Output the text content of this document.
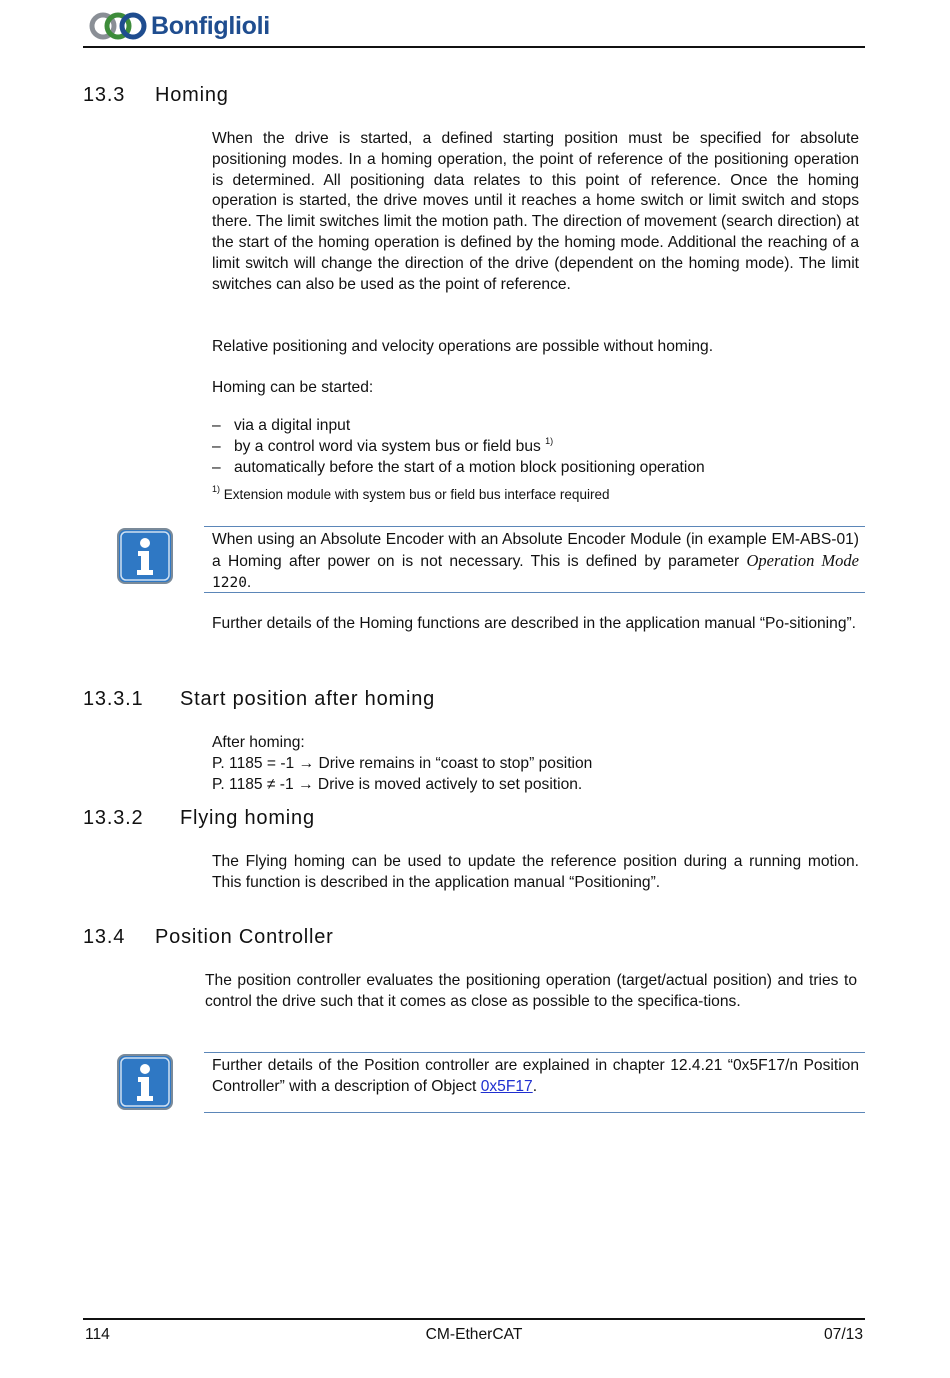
Bonfiglioli
13.3 Homing
When the drive is started, a defined starting position must be specified for absolute positioning modes. In a homing operation, the point of reference of the positioning operation is determined. All positioning data relates to this point of reference. Once the homing operation is started, the drive moves until it reaches a home switch or limit switch and stops there. The limit switches limit the motion path. The direction of movement (search direction) at the start of the homing operation is defined by the homing mode. Additional the reaching of a limit switch will change the direction of the drive (dependent on the homing mode). The limit switches can also be used as the point of reference.
Relative positioning and velocity operations are possible without homing.
Homing can be started:
– via a digital input
– by a control word via system bus or field bus $^{1)}$
– automatically before the start of a motion block positioning operation
$^{1)}$ Extension module with system bus or field bus interface required
When using an Absolute Encoder with an Absolute Encoder Module (in example EM-ABS-01) a Homing after power on is not necessary. This is defined by parameter Operation Mode 1220.
Further details of the Homing functions are described in the application manual “Po-sitioning”.
13.3.1 Start position after homing
After homing:
P. 1185 = -1 → Drive remains in “coast to stop” position
P. 1185 ≠ -1 → Drive is moved actively to set position.
13.3.2 Flying homing
The Flying homing can be used to update the reference position during a running motion. This function is described in the application manual “Positioning”.
13.4 Position Controller
The position controller evaluates the positioning operation (target/actual position) and tries to control the drive such that it comes as close as possible to the specifica-tions.
Further details of the Position controller are explained in chapter 12.4.21 “0x5F17/n Position Controller” with a description of Object 0x5F17.
114	CM-EtherCAT	07/13
